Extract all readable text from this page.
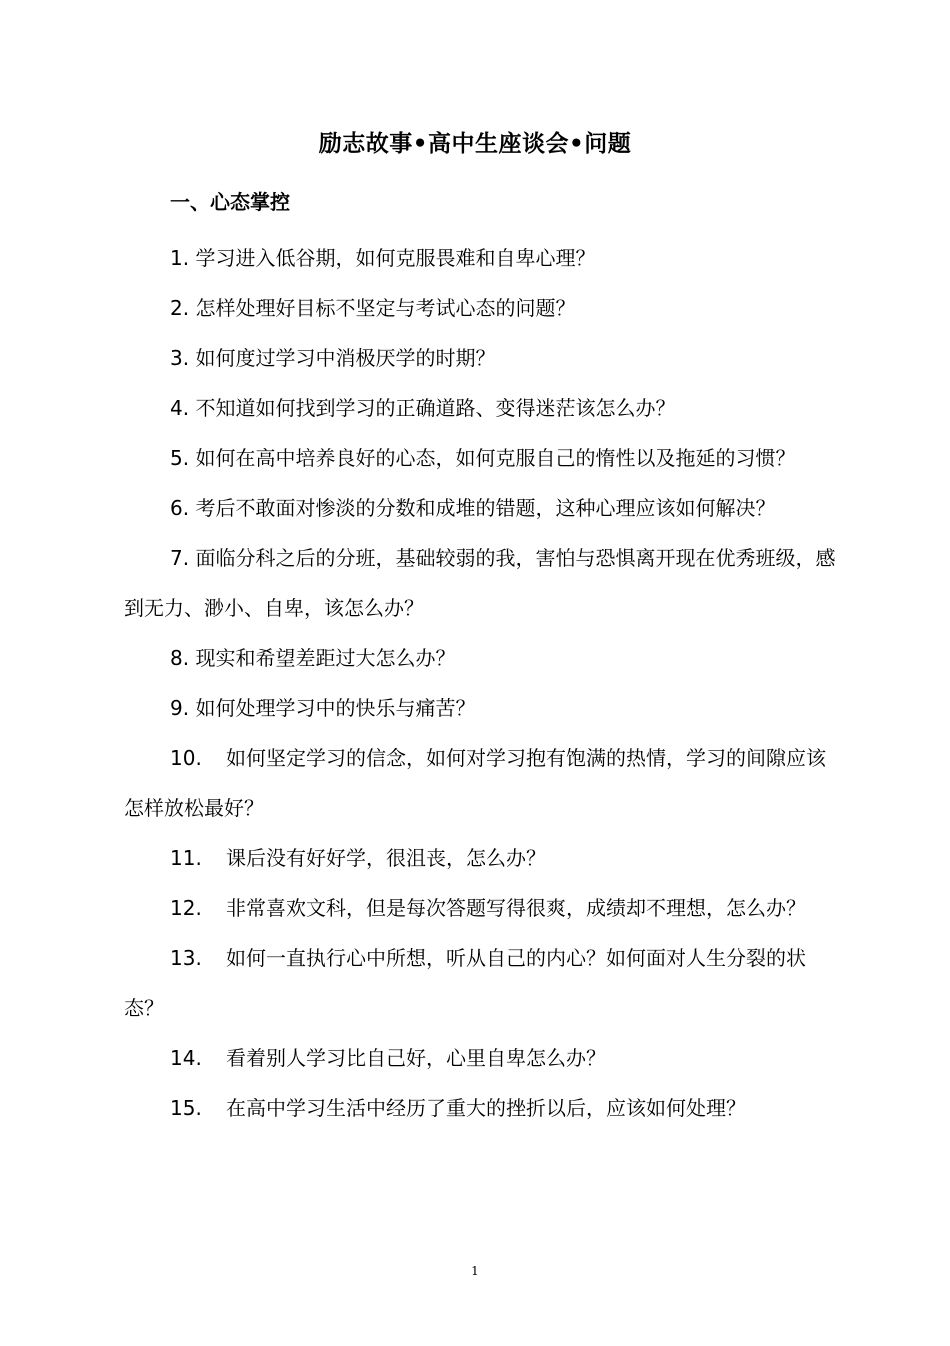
励志故事•高中生座谈会•问题
一、心态掌控
1. 学习进入低谷期，如何克服畏难和自卑心理？
2. 怎样处理好目标不坚定与考试心态的问题？
3. 如何度过学习中消极厌学的时期？
4. 不知道如何找到学习的正确道路、变得迷茫该怎么办？
5. 如何在高中培养良好的心态，如何克服自己的惰性以及拖延的习惯？
6. 考后不敢面对惨淡的分数和成堆的错题，这种心理应该如何解决？
7. 面临分科之后的分班，基础较弱的我，害怕与恐惧离开现在优秀班级，感到无力、渺小、自卑，该怎么办？
8. 现实和希望差距过大怎么办？
9. 如何处理学习中的快乐与痛苦？
10. 如何坚定学习的信念，如何对学习抱有饱满的热情，学习的间隙应该怎样放松最好？
11. 课后没有好好学，很沮丧，怎么办？
12. 非常喜欢文科，但是每次答题写得很爽，成绩却不理想，怎么办？
13. 如何一直执行心中所想，听从自己的内心？如何面对人生分裂的状态？
14. 看着别人学习比自己好，心里自卑怎么办？
15. 在高中学习生活中经历了重大的挫折以后，应该如何处理？
1
